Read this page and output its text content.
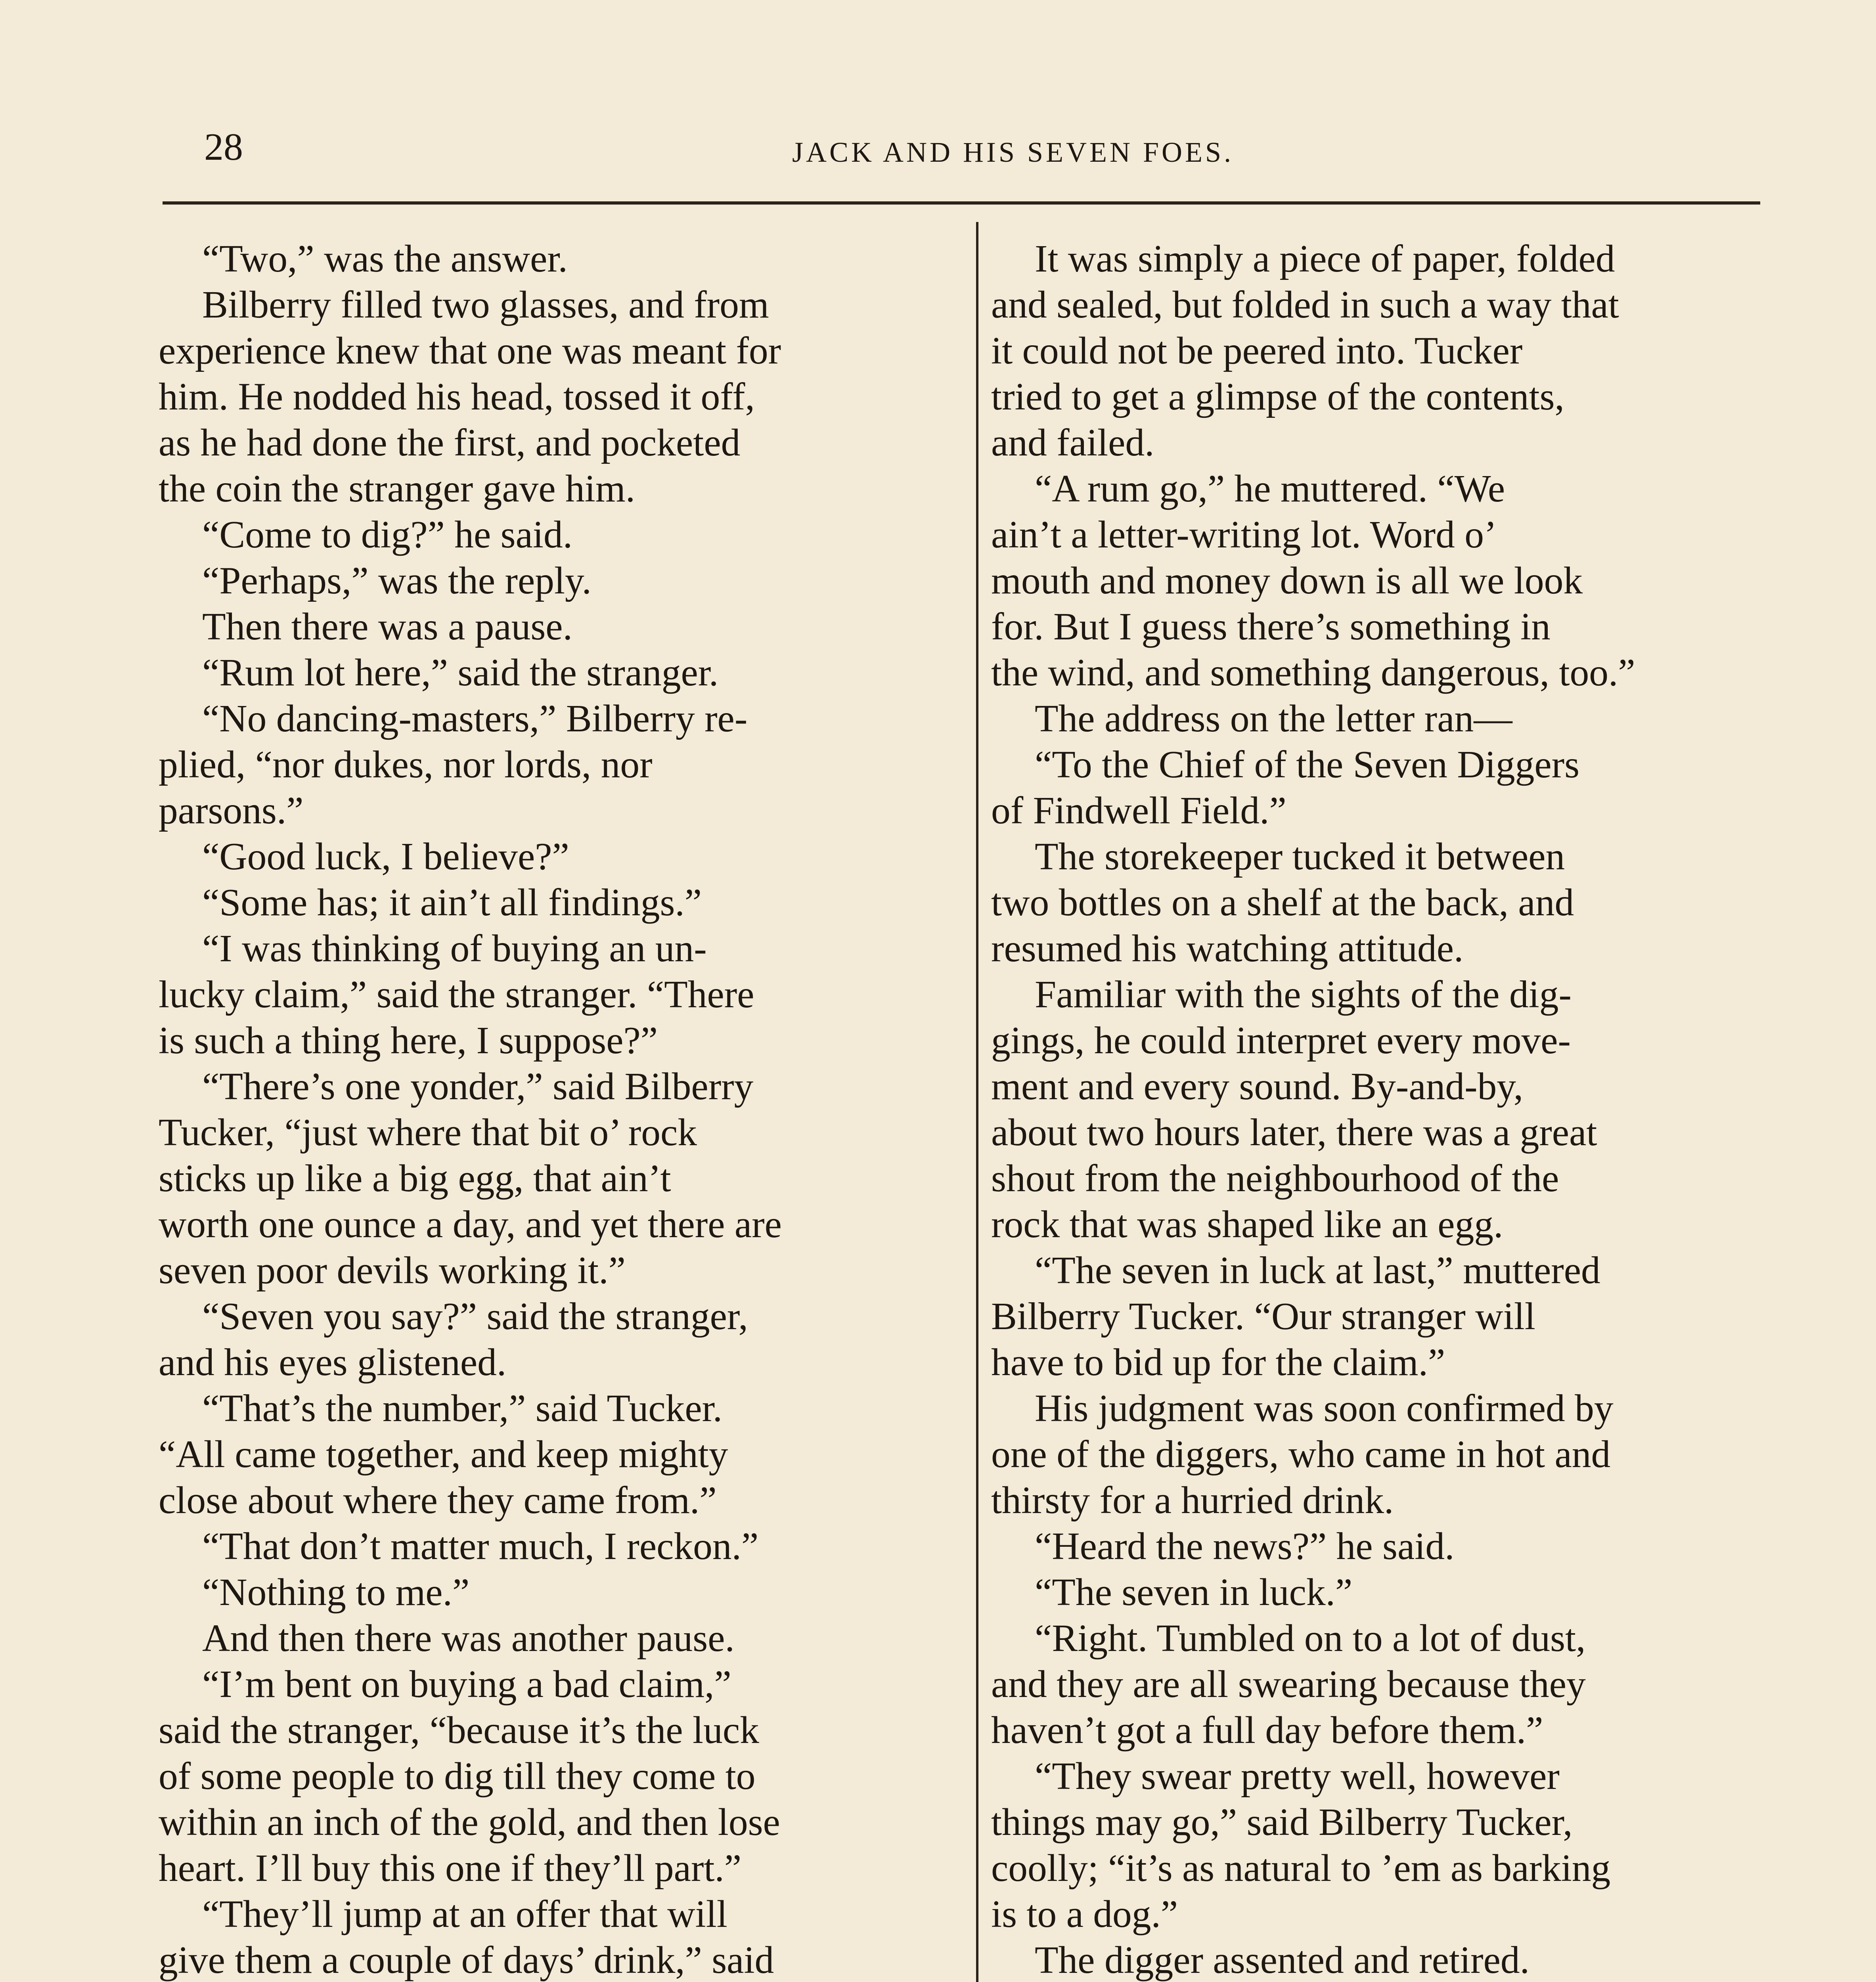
28	JACK AND HIS SEVEN FOES.
“Two,” was the answer.
Bilberry filled two glasses, and from
experience knew that one was meant for
him. He nodded his head, tossed it off,
as he had done the first, and pocketed
the coin the stranger gave him.
“Come to dig?” he said.
“Perhaps,” was the reply.
Then there was a pause.
“Rum lot here,” said the stranger.
“No dancing-masters,” Bilberry re-
plied, “nor dukes, nor lords, nor
parsons.”
“Good luck, I believe?”
“Some has; it ain’t all findings.”
“I was thinking of buying an un-
lucky claim,” said the stranger. “There
is such a thing here, I suppose?”
“There’s one yonder,” said Bilberry
Tucker, “just where that bit o’ rock
sticks up like a big egg, that ain’t
worth one ounce a day, and yet there are
seven poor devils working it.”
“Seven you say?” said the stranger,
and his eyes glistened.
“That’s the number,” said Tucker.
“All came together, and keep mighty
close about where they came from.”
“That don’t matter much, I reckon.”
“Nothing to me.”
And then there was another pause.
“I’m bent on buying a bad claim,”
said the stranger, “because it’s the luck
of some people to dig till they come to
within an inch of the gold, and then lose
heart. I’ll buy this one if they’ll part.”
“They’ll jump at an offer that will
give them a couple of days’ drink,” said
It was simply a piece of paper, folded
and sealed, but folded in such a way that
it could not be peered into. Tucker
tried to get a glimpse of the contents,
and failed.
“A rum go,” he muttered. “We
ain’t a letter-writing lot. Word o’
mouth and money down is all we look
for. But I guess there’s something in
the wind, and something dangerous, too.”
The address on the letter ran—
“To the Chief of the Seven Diggers
of Findwell Field.”
The storekeeper tucked it between
two bottles on a shelf at the back, and
resumed his watching attitude.
Familiar with the sights of the dig-
gings, he could interpret every move-
ment and every sound. By-and-by,
about two hours later, there was a great
shout from the neighbourhood of the
rock that was shaped like an egg.
“The seven in luck at last,” muttered
Bilberry Tucker. “Our stranger will
have to bid up for the claim.”
His judgment was soon confirmed by
one of the diggers, who came in hot and
thirsty for a hurried drink.
“Heard the news?” he said.
“The seven in luck.”
“Right. Tumbled on to a lot of dust,
and they are all swearing because they
haven’t got a full day before them.”
“They swear pretty well, however
things may go,” said Bilberry Tucker,
coolly; “it’s as natural to ’em as barking
is to a dog.”
The digger assented and retired.
